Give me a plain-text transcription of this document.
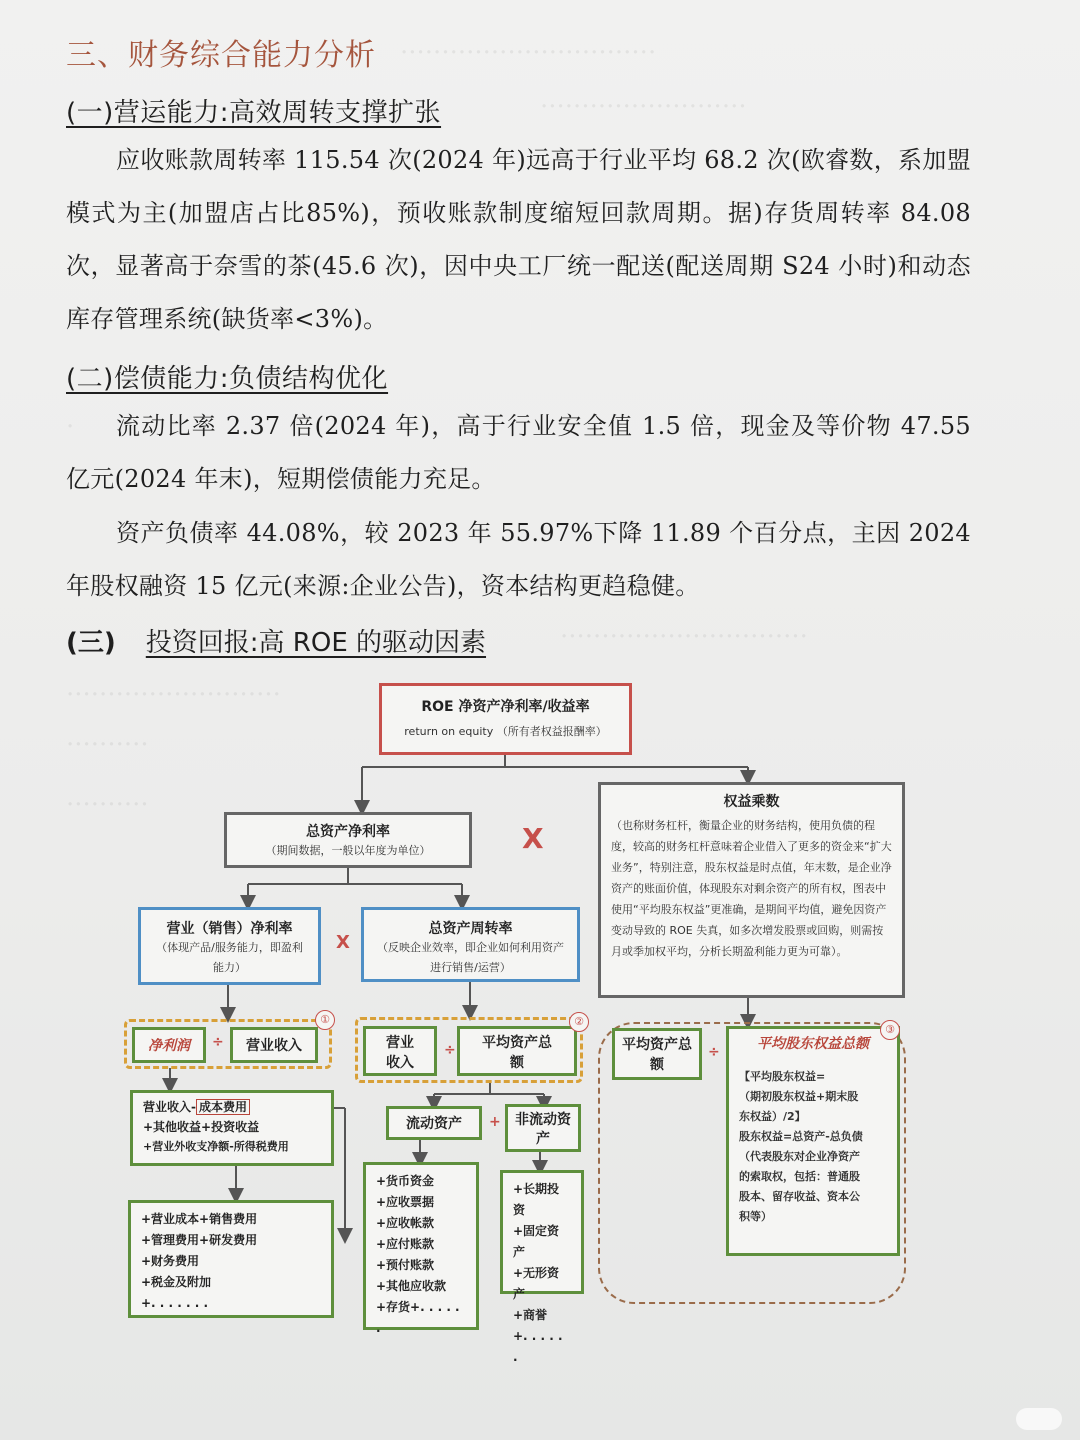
·······························
·························
·
······························
··························
··········
··········
三、财务综合能力分析
(一)营运能力:高效周转支撑扩张
应收账款周转率 115.54 次(2024 年)远高于行业平均 68.2 次(欧睿数，系加盟模式为主(加盟店占比85%)，预收账款制度缩短回款周期。据)存货周转率 84.08 次，显著高于奈雪的茶(45.6 次)，因中央工厂统一配送(配送周期 S24 小时)和动态库存管理系统(缺货率<3%)。
(二)偿债能力:负债结构优化
流动比率 2.37 倍(2024 年)，高于行业安全值 1.5 倍，现金及等价物 47.55 亿元(2024 年末)，短期偿债能力充足。
资产负债率 44.08%，较 2023 年 55.97%下降 11.89 个百分点，主因 2024 年股权融资 15 亿元(来源:企业公告)，资本结构更趋稳健。
(三) 投资回报:高 ROE 的驱动因素
ROE 净资产净利率/收益率
return on equity （所有者权益报酬率）
总资产净利率
（期间数据，一般以年度为单位）	X
权益乘数
（也称财务杠杆，衡量企业的财务结构，使用负债的程度，较高的财务杠杆意味着企业借入了更多的资金来“扩大业务”，特别注意，股东权益是时点值，年末数，是企业净资产的账面价值，体现股东对剩余资产的所有权，图表中使用“平均股东权益”更准确，是期间平均值，避免因资产变动导致的 ROE 失真，如多次增发股票或回购，则需按月或季加权平均，分析长期盈利能力更为可靠）。
营业（销售）净利率
（体现产品/服务能力，即盈利能力）
X
总资产周转率
（反映企业效率，即企业如何利用资产进行销售/运营）
净利润	÷	营业收入
①
营业收入
÷ 平均资产总额
②
平均资产总额
÷	平均股东权益总额
【平均股东权益=
（期初股东权益+期末股
东权益）/2】
股东权益=总资产-总负债
（代表股东对企业净资产
的索取权，包括：普通股
股本、留存收益、资本公
积等）
③
营业收入- 成本费用
+其他收益+投资收益
+营业外收支净额-所得税费用
+营业成本+销售费用
+管理费用+研发费用
+财务费用
+税金及附加
+. . . . . . .
流动资产	+ 非流动资产
+货币资金
+应收票据
+应收帐款
+应付账款
+预付账款
+其他应收款
+存货+. . . . . .
+长期投资
+固定资产
+无形资产
+商誉
+. . . . . .
